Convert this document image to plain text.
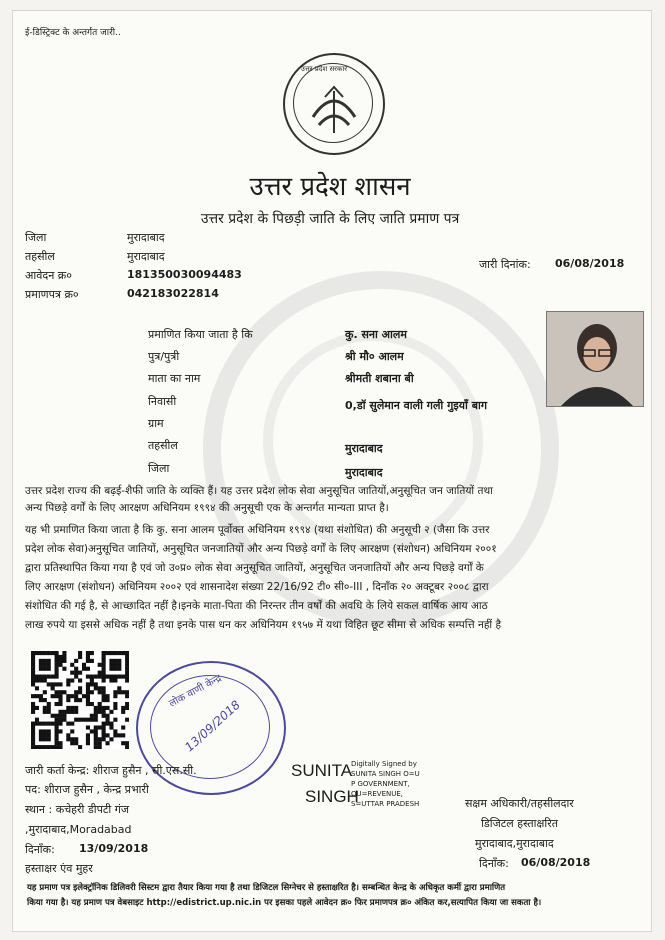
ई-डिस्ट्रिक्ट के अन्तर्गत जारी..
उत्तर प्रदेश सरकार
उत्तर प्रदेश शासन
उत्तर प्रदेश के पिछड़ी जाति के लिए जाति प्रमाण पत्र
जिला	मुरादाबाद
तहसील	मुरादाबाद
आवेदन क्र०	181350030094483
प्रमाणपत्र क्र०	042183022814
जारी दिनांक: 06/08/2018
प्रमाणित किया जाता है कि	कु. सना आलम
पुत्र/पुत्री	श्री मौ० आलम
माता का नाम	श्रीमती शबाना बी
निवासी	0,डॉ सुलेमान वाली गली गुइयाँ बाग
ग्राम
तहसील	मुरादाबाद
जिला	मुरादाबाद
उत्तर प्रदेश राज्य की बढ़ई-शैफी जाति के व्यक्ति हैं। यह उत्तर प्रदेश लोक सेवा अनुसूचित जातियों,अनुसूचित जन जातियों तथा
अन्य पिछड़े वर्गों के लिए आरक्षण अधिनियम १९९४ की अनुसूची एक के अन्तर्गत मान्यता प्राप्त है।
यह भी प्रमाणित किया जाता है कि कु. सना आलम पूर्वोक्त अधिनियम १९९४ (यथा संशोधित) की अनुसूची २ (जैसा कि उत्तर
प्रदेश लोक सेवा)अनुसूचित जातियों, अनुसूचित जनजातियों और अन्य पिछड़े वर्गों के लिए आरक्षण (संशोधन) अधिनियम २००१
द्वारा प्रतिस्थापित किया गया है एवं जो उ०प्र० लोक सेवा अनुसूचित जातियों, अनुसूचित जनजातियों और अन्य पिछड़े वर्गों के
लिए आरक्षण (संशोधन) अधिनियम २००२ एवं शासनादेश संख्या 22/16/92 टी० सी०-III , दिनाँक २० अक्टूबर २००८ द्वारा
संशोधित की गई है, से आच्छादित नहीं है।इनके माता-पिता की निरन्तर तीन वर्षों की अवधि के लिये सकल वार्षिक आय आठ
लाख रुपये या इससे अधिक नहीं है तथा इनके पास धन कर अधिनियम १९५७ में यथा विहित छूट सीमा से अधिक सम्पत्ति नहीं है
लोक वाणी केन्द्र
13/09/2018
जारी कर्ता केन्द्र: शीराज हुसैन , सी.एस.सी.
पद: शीराज हुसैन , केन्द्र प्रभारी
स्थान : कचेहरी डीपटी गंज
,मुरादाबाद,Moradabad
दिनाँक: 13/09/2018
हस्ताक्षर एंव मुहर
SUNITA
SINGH
Digitally Signed by
SUNITA SINGH O=U
P GOVERNMENT,
OU=REVENUE,
S=UTTAR PRADESH	सक्षम अधिकारी/तहसीलदार
डिजिटल हस्ताक्षरित
मुरादाबाद,मुरादाबाद
दिनाँक: 06/08/2018
यह प्रमाण पत्र इलेक्ट्रॉनिक डिलिवरी सिस्टम द्वारा तैयार किया गया है तथा डिजिटल सिग्नेचर से हस्ताक्षरित है। सम्बन्धित केन्द्र के अधिकृत कर्मी द्वारा प्रमाणित
किया गया है। यह प्रमाण पत्र वेबसाइट http://edistrict.up.nic.in पर इसका पहले आवेदन क्र० फिर प्रमाणपत्र क्र० अंकित कर,सत्यापित किया जा सकता है।
